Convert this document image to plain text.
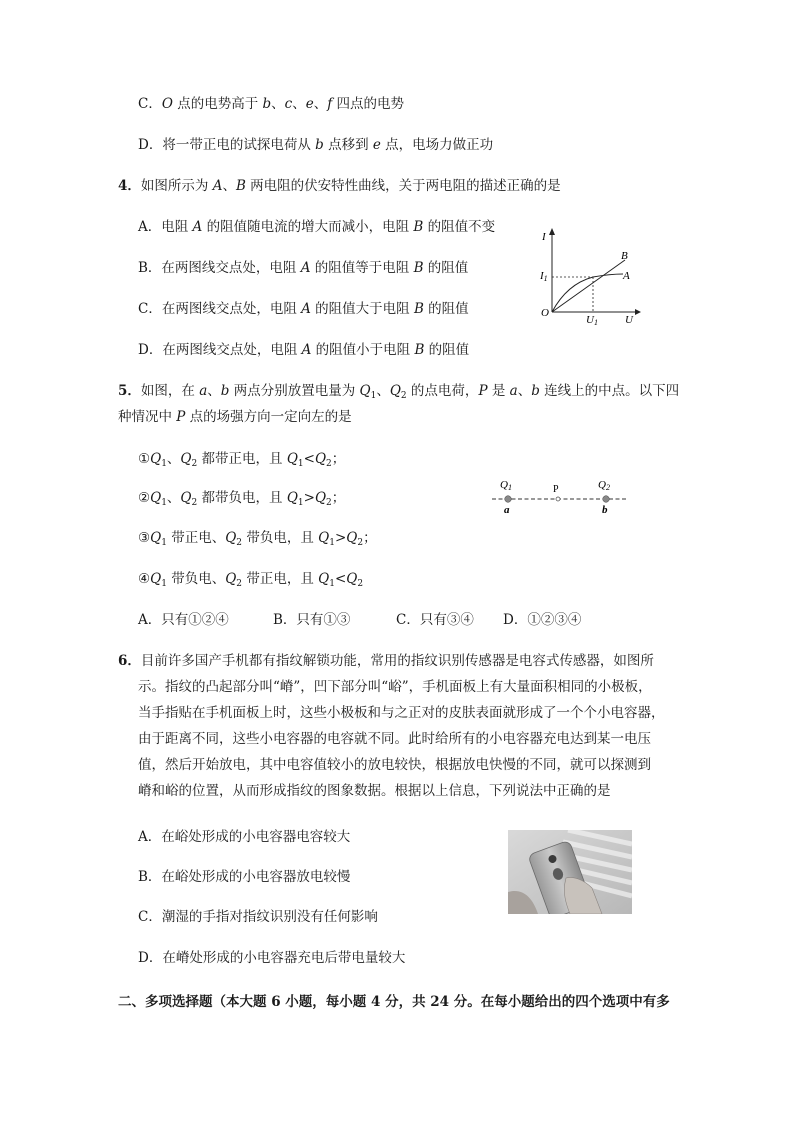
C．O 点的电势高于 b、c、e、f 四点的电势
D．将一带正电的试探电荷从 b 点移到 e 点，电场力做正功
4．如图所示为 A、B 两电阻的伏安特性曲线，关于两电阻的描述正确的是
A．电阻 A 的阻值随电流的增大而减小，电阻 B 的阻值不变
B．在两图线交点处，电阻 A 的阻值等于电阻 B 的阻值
C．在两图线交点处，电阻 A 的阻值大于电阻 B 的阻值
D．在两图线交点处，电阻 A 的阻值小于电阻 B 的阻值
I
U
O
B
A
I1
U1
5．如图，在 a、b 两点分别放置电量为 $Q_1$、$Q_2$ 的点电荷，P 是 a、b 连线上的中点。以下四
种情况中 P 点的场强方向一定向左的是
$①Q_1$、$Q_2$ 都带正电，且 $Q_1<Q_2$；
$②Q_1$、$Q_2$ 都带负电，且 $Q_1>Q_2$；
$③Q_1$ 带正电、$Q_2$ 带负电，且 $Q_1>Q_2$；
$④Q_1$ 带负电、$Q_2$ 带正电，且 $Q_1<Q_2$
Q1	P	Q2
a	b
A．只有①②④	B．只有①③	C．只有③④ D．①②③④
6．目前许多国产手机都有指纹解锁功能，常用的指纹识别传感器是电容式传感器，如图所
示。指纹的凸起部分叫“嵴”，凹下部分叫“峪”，手机面板上有大量面积相同的小极板，
当手指贴在手机面板上时，这些小极板和与之正对的皮肤表面就形成了一个个小电容器，
由于距离不同，这些小电容器的电容就不同。此时给所有的小电容器充电达到某一电压
值，然后开始放电，其中电容值较小的放电较快，根据放电快慢的不同，就可以探测到
嵴和峪的位置，从而形成指纹的图象数据。根据以上信息，下列说法中正确的是
A．在峪处形成的小电容器电容较大
B．在峪处形成的小电容器放电较慢
C．潮湿的手指对指纹识别没有任何影响
D．在嵴处形成的小电容器充电后带电量较大
二、多项选择题（本大题 6 小题，每小题 4 分，共 24 分。在每小题给出的四个选项中有多
